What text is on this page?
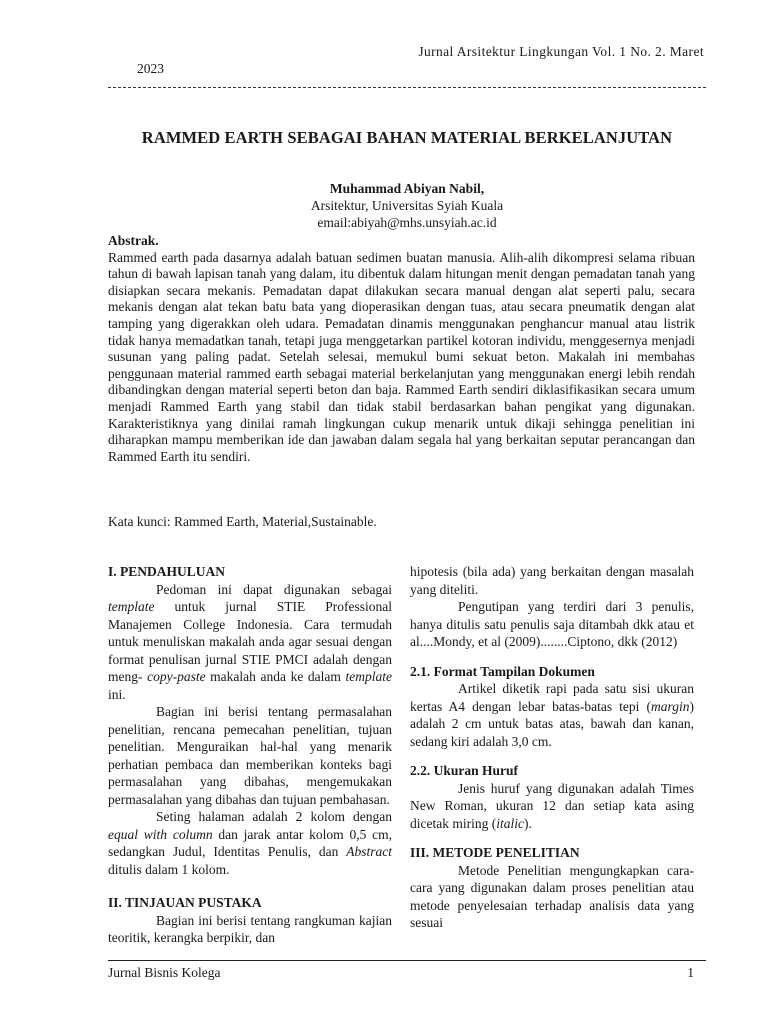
Jurnal Arsitektur Lingkungan Vol. 1 No. 2. Maret
2023
RAMMED EARTH SEBAGAI BAHAN MATERIAL BERKELANJUTAN
Muhammad Abiyan Nabil,
Arsitektur, Universitas Syiah Kuala
email:abiyah@mhs.unsyiah.ac.id
Abstrak.
Rammed earth pada dasarnya adalah batuan sedimen buatan manusia. Alih-alih dikompresi selama ribuan tahun di bawah lapisan tanah yang dalam, itu dibentuk dalam hitungan menit dengan pemadatan tanah yang disiapkan secara mekanis. Pemadatan dapat dilakukan secara manual dengan alat seperti palu, secara mekanis dengan alat tekan batu bata yang dioperasikan dengan tuas, atau secara pneumatik dengan alat tamping yang digerakkan oleh udara. Pemadatan dinamis menggunakan penghancur manual atau listrik tidak hanya memadatkan tanah, tetapi juga menggetarkan partikel kotoran individu, menggesernya menjadi susunan yang paling padat. Setelah selesai, memukul bumi sekuat beton. Makalah ini membahas penggunaan material rammed earth sebagai material berkelanjutan yang menggunakan energi lebih rendah dibandingkan dengan material seperti beton dan baja. Rammed Earth sendiri diklasifikasikan secara umum menjadi Rammed Earth yang stabil dan tidak stabil berdasarkan bahan pengikat yang digunakan. Karakteristiknya yang dinilai ramah lingkungan cukup menarik untuk dikaji sehingga penelitian ini diharapkan mampu memberikan ide dan jawaban dalam segala hal yang berkaitan seputar perancangan dan Rammed Earth itu sendiri.
Kata kunci: Rammed Earth, Material,Sustainable.
I. PENDAHULUAN

Pedoman ini dapat digunakan sebagai template untuk jurnal STIE Professional Manajemen College Indonesia. Cara termudah untuk menuliskan makalah anda agar sesuai dengan format penulisan jurnal STIE PMCI adalah dengan meng- copy-paste makalah anda ke dalam template ini.

Bagian ini berisi tentang permasalahan penelitian, rencana pemecahan penelitian, tujuan penelitian. Menguraikan hal-hal yang menarik perhatian pembaca dan memberikan konteks bagi permasalahan yang dibahas, mengemukakan permasalahan yang dibahas dan tujuan pembahasan.

Seting halaman adalah 2 kolom dengan equal with column dan jarak antar kolom 0,5 cm, sedangkan Judul, Identitas Penulis, dan Abstract ditulis dalam 1 kolom.

II. TINJAUAN PUSTAKA

Bagian ini berisi tentang rangkuman kajian teoritik, kerangka berpikir, dan

hipotesis (bila ada) yang berkaitan dengan masalah yang diteliti.

Pengutipan yang terdiri dari 3 penulis, hanya ditulis satu penulis saja ditambah dkk atau et al....Mondy, et al (2009)........Ciptono, dkk (2012)

2.1. Format Tampilan Dokumen

Artikel diketik rapi pada satu sisi ukuran kertas A4 dengan lebar batas-batas tepi (margin) adalah 2 cm untuk batas atas, bawah dan kanan, sedang kiri adalah 3,0 cm.

2.2. Ukuran Huruf

Jenis huruf yang digunakan adalah Times New Roman, ukuran 12 dan setiap kata asing dicetak miring (italic).

III. METODE PENELITIAN

Metode Penelitian mengungkapkan cara-cara yang digunakan dalam proses penelitian atau metode penyelesaian terhadap analisis data yang sesuai

Jurnal Bisnis Kolega	1
